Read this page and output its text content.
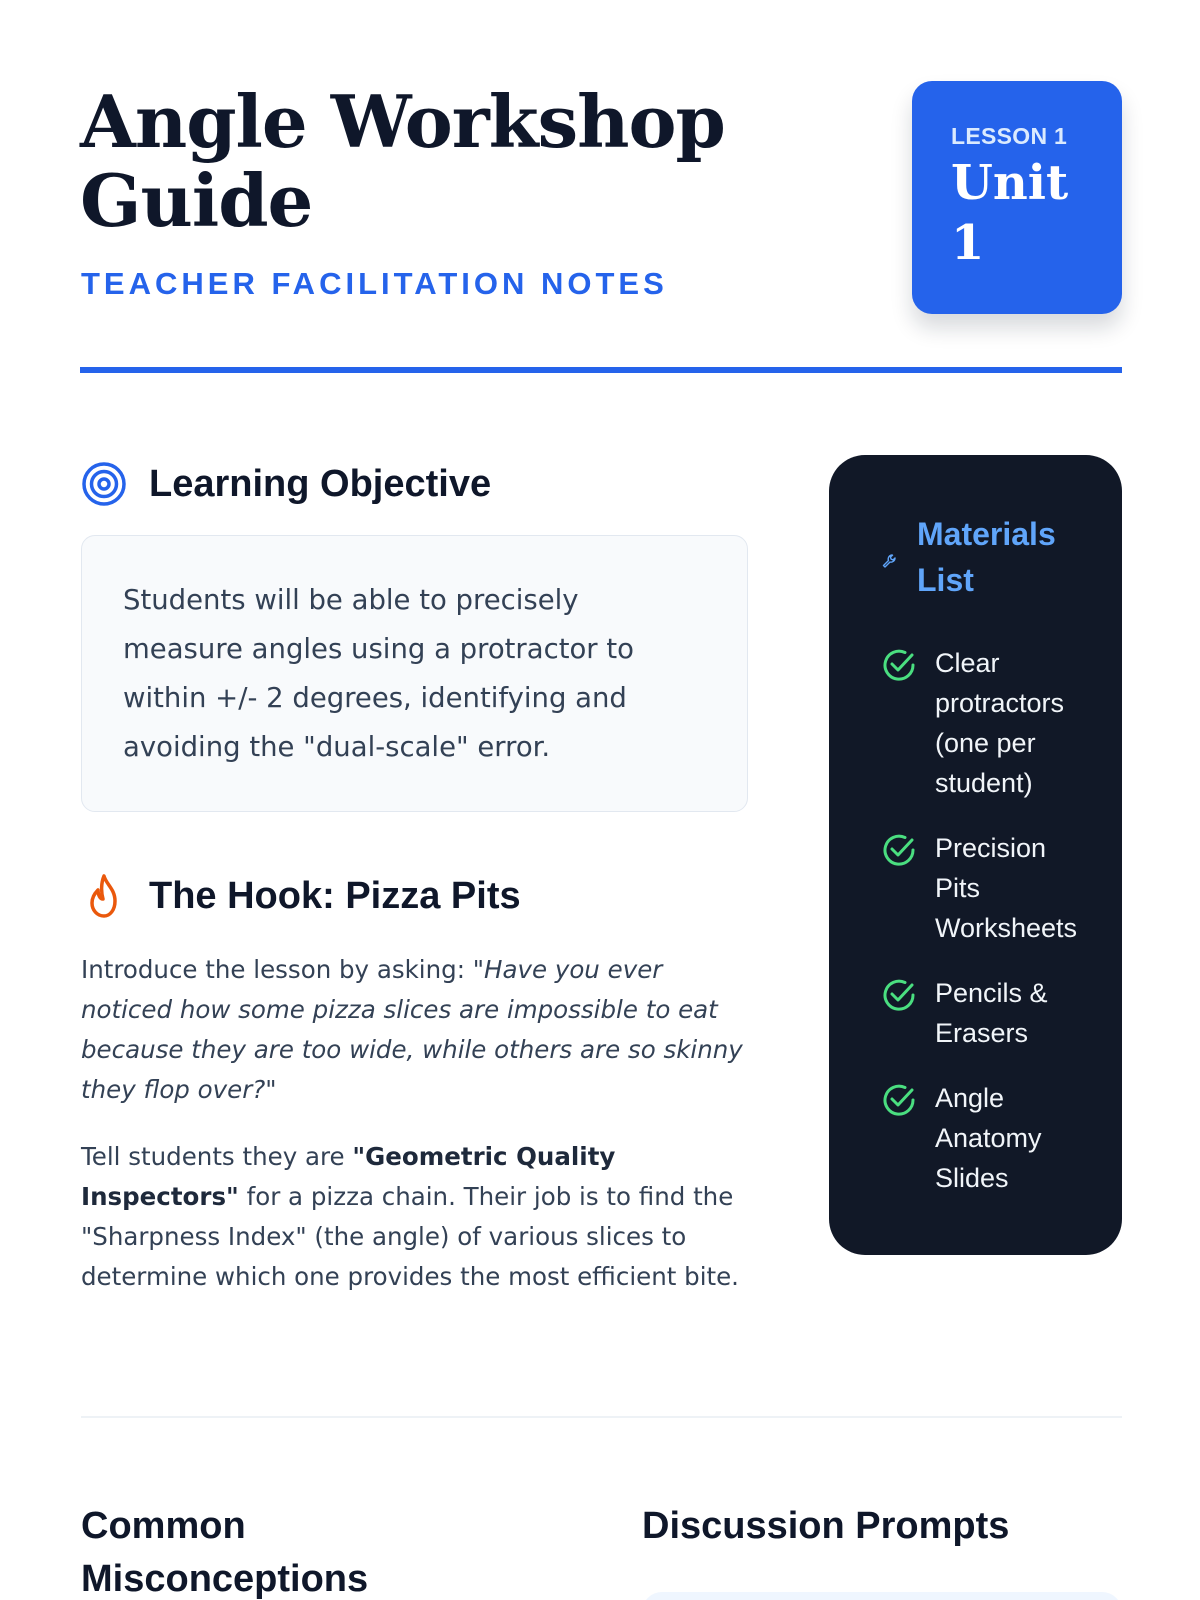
Angle Workshop Guide
TEACHER FACILITATION NOTES
LESSON 1
Unit 1
Learning Objective
Students will be able to precisely measure angles using a protractor to within +/- 2 degrees, identifying and avoiding the "dual-scale" error.
The Hook: Pizza Pits

Introduce the lesson by asking: "Have you ever noticed how some pizza slices are impossible to eat because they are too wide, while others are so skinny they flop over?"

Tell students they are "Geometric Quality Inspectors" for a pizza chain. Their job is to find the "Sharpness Index" (the angle) of various slices to determine which one provides the most efficient bite.

Materials List
Clear protractors (one per student)
Precision Pits Worksheets
Pencils & Erasers
Angle Anatomy Slides
Common Misconceptions
Discussion Prompts
